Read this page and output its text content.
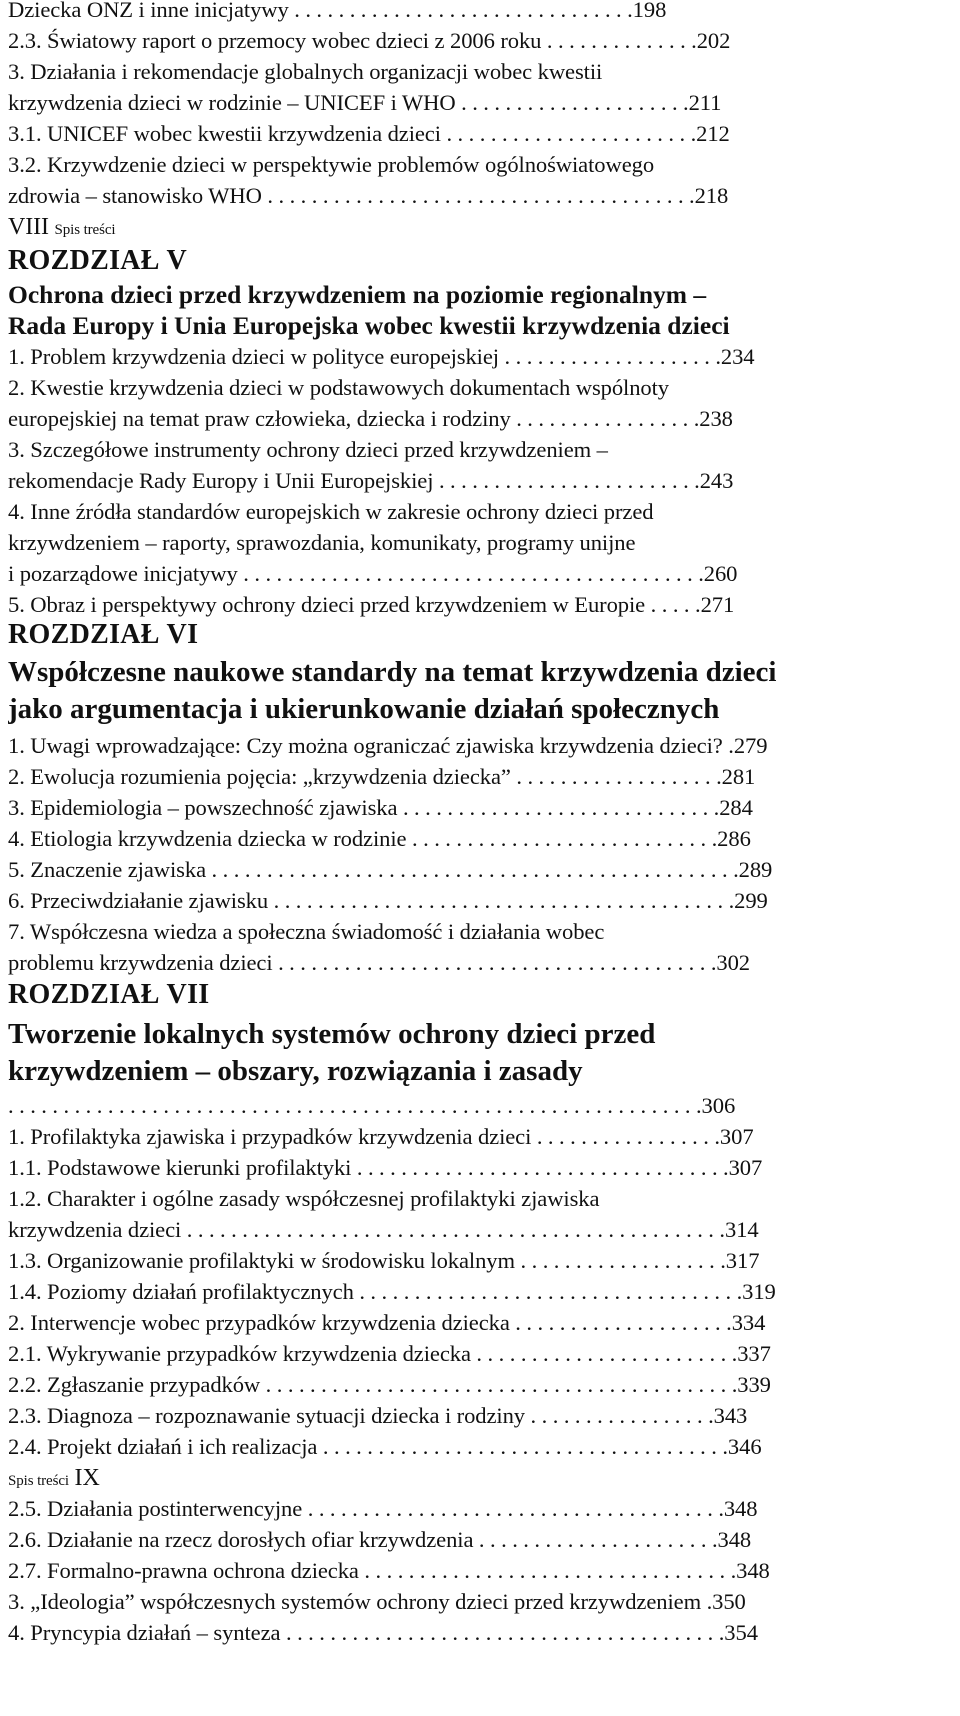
Dziecka ONZ i inne inicjatywy . . . . . . . . . . . . . . . . . . . . . . . . . . . . . . .198
2.3. Światowy raport o przemocy wobec dzieci z 2006 roku . . . . . . . . . . . . . .202
3. Działania i rekomendacje globalnych organizacji wobec kwestii
krzywdzenia dzieci w rodzinie – UNICEF i WHO . . . . . . . . . . . . . . . . . . . . .211
3.1. UNICEF wobec kwestii krzywdzenia dzieci . . . . . . . . . . . . . . . . . . . . . . .212
3.2. Krzywdzenie dzieci w perspektywie problemów ogólnoświatowego
zdrowia – stanowisko WHO . . . . . . . . . . . . . . . . . . . . . . . . . . . . . . . . . . . . . . .218
VIII Spis treści
ROZDZIAŁ V
Ochrona dzieci przed krzywdzeniem na poziomie regionalnym –
Rada Europy i Unia Europejska wobec kwestii krzywdzenia dzieci
1. Problem krzywdzenia dzieci w polityce europejskiej . . . . . . . . . . . . . . . . . . . .234
2. Kwestie krzywdzenia dzieci w podstawowych dokumentach wspólnoty
europejskiej na temat praw człowieka, dziecka i rodziny . . . . . . . . . . . . . . . . .238
3. Szczegółowe instrumenty ochrony dzieci przed krzywdzeniem –
rekomendacje Rady Europy i Unii Europejskiej . . . . . . . . . . . . . . . . . . . . . . . .243
4. Inne źródła standardów europejskich w zakresie ochrony dzieci przed
krzywdzeniem – raporty, sprawozdania, komunikaty, programy unijne
i pozarządowe inicjatywy . . . . . . . . . . . . . . . . . . . . . . . . . . . . . . . . . . . . . . . . . .260
5. Obraz i perspektywy ochrony dzieci przed krzywdzeniem w Europie . . . . .271
ROZDZIAŁ VI
Współczesne naukowe standardy na temat krzywdzenia dzieci
jako argumentacja i ukierunkowanie działań społecznych
1. Uwagi wprowadzające: Czy można ograniczać zjawiska krzywdzenia dzieci? .279
2. Ewolucja rozumienia pojęcia: „krzywdzenia dziecka” . . . . . . . . . . . . . . . . . . .281
3. Epidemiologia – powszechność zjawiska . . . . . . . . . . . . . . . . . . . . . . . . . . . . .284
4. Etiologia krzywdzenia dziecka w rodzinie . . . . . . . . . . . . . . . . . . . . . . . . . . . .286
5. Znaczenie zjawiska . . . . . . . . . . . . . . . . . . . . . . . . . . . . . . . . . . . . . . . . . . . . . . . .289
6. Przeciwdziałanie zjawisku . . . . . . . . . . . . . . . . . . . . . . . . . . . . . . . . . . . . . . . . . .299
7. Współczesna wiedza a społeczna świadomość i działania wobec
problemu krzywdzenia dzieci . . . . . . . . . . . . . . . . . . . . . . . . . . . . . . . . . . . . . . . .302
ROZDZIAŁ VII
Tworzenie lokalnych systemów ochrony dzieci przed
krzywdzeniem – obszary, rozwiązania i zasady
. . . . . . . . . . . . . . . . . . . . . . . . . . . . . . . . . . . . . . . . . . . . . . . . . . . . . . . . . . . . . . .306
1. Profilaktyka zjawiska i przypadków krzywdzenia dzieci . . . . . . . . . . . . . . . . .307
1.1. Podstawowe kierunki profilaktyki . . . . . . . . . . . . . . . . . . . . . . . . . . . . . . . . . .307
1.2. Charakter i ogólne zasady współczesnej profilaktyki zjawiska
krzywdzenia dzieci . . . . . . . . . . . . . . . . . . . . . . . . . . . . . . . . . . . . . . . . . . . . . . . . .314
1.3. Organizowanie profilaktyki w środowisku lokalnym . . . . . . . . . . . . . . . . . . .317
1.4. Poziomy działań profilaktycznych . . . . . . . . . . . . . . . . . . . . . . . . . . . . . . . . . . .319
2. Interwencje wobec przypadków krzywdzenia dziecka . . . . . . . . . . . . . . . . . . . .334
2.1. Wykrywanie przypadków krzywdzenia dziecka . . . . . . . . . . . . . . . . . . . . . . . .337
2.2. Zgłaszanie przypadków . . . . . . . . . . . . . . . . . . . . . . . . . . . . . . . . . . . . . . . . . . .339
2.3. Diagnoza – rozpoznawanie sytuacji dziecka i rodziny . . . . . . . . . . . . . . . . .343
2.4. Projekt działań i ich realizacja . . . . . . . . . . . . . . . . . . . . . . . . . . . . . . . . . . . . .346
Spis treści IX
2.5. Działania postinterwencyjne . . . . . . . . . . . . . . . . . . . . . . . . . . . . . . . . . . . . . .348
2.6. Działanie na rzecz dorosłych ofiar krzywdzenia . . . . . . . . . . . . . . . . . . . . . .348
2.7. Formalno-prawna ochrona dziecka . . . . . . . . . . . . . . . . . . . . . . . . . . . . . . . . . .348
3. „Ideologia” współczesnych systemów ochrony dzieci przed krzywdzeniem .350
4. Pryncypia działań – synteza . . . . . . . . . . . . . . . . . . . . . . . . . . . . . . . . . . . . . . . .354
